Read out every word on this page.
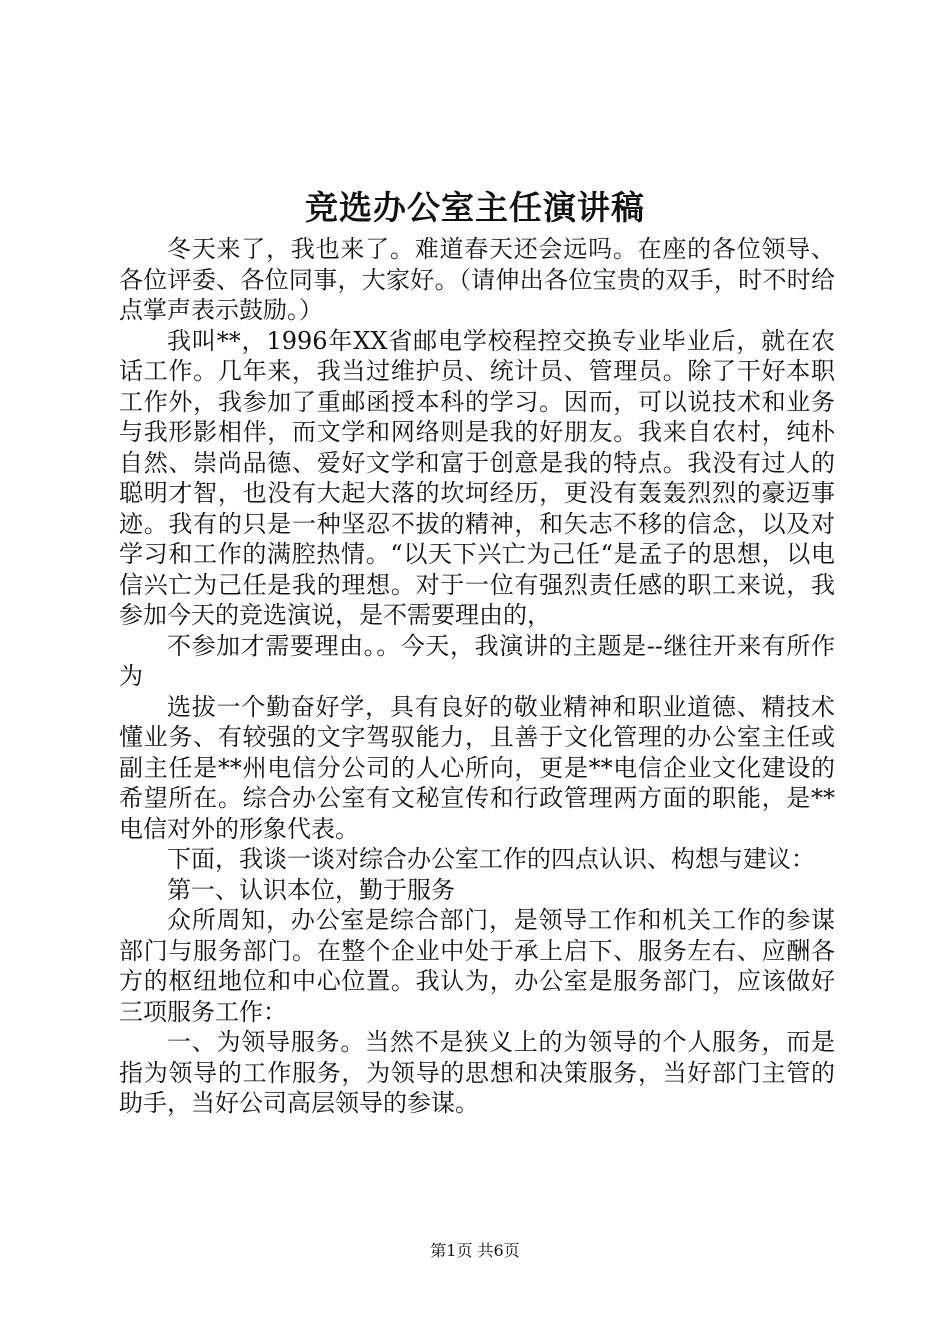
竞选办公室主任演讲稿

冬天来了，我也来了。难道春天还会远吗。在座的各位领导、各位评委、各位同事，大家好。（请伸出各位宝贵的双手，时不时给点掌声表示鼓励。）

我叫**，1996年XX省邮电学校程控交换专业毕业后，就在农话工作。几年来，我当过维护员、统计员、管理员。除了干好本职工作外，我参加了重邮函授本科的学习。因而，可以说技术和业务与我形影相伴，而文学和网络则是我的好朋友。我来自农村，纯朴自然、崇尚品德、爱好文学和富于创意是我的特点。我没有过人的聪明才智，也没有大起大落的坎坷经历，更没有轰轰烈烈的豪迈事迹。我有的只是一种坚忍不拔的精神，和矢志不移的信念，以及对学习和工作的满腔热情。“以天下兴亡为己任“是孟子的思想，以电信兴亡为己任是我的理想。对于一位有强烈责任感的职工来说，我参加今天的竞选演说，是不需要理由的，

不参加才需要理由。。今天，我演讲的主题是--继往开来有所作为

选拔一个勤奋好学，具有良好的敬业精神和职业道德、精技术懂业务、有较强的文字驾驭能力，且善于文化管理的办公室主任或副主任是**州电信分公司的人心所向，更是**电信企业文化建设的希望所在。综合办公室有文秘宣传和行政管理两方面的职能，是**电信对外的形象代表。

下面，我谈一谈对综合办公室工作的四点认识、构想与建议：

第一、认识本位，勤于服务

众所周知，办公室是综合部门，是领导工作和机关工作的参谋部门与服务部门。在整个企业中处于承上启下、服务左右、应酬各方的枢纽地位和中心位置。我认为，办公室是服务部门，应该做好三项服务工作：

一、为领导服务。当然不是狭义上的为领导的个人服务，而是指为领导的工作服务，为领导的思想和决策服务，当好部门主管的助手，当好公司高层领导的参谋。

第1页 共6页
